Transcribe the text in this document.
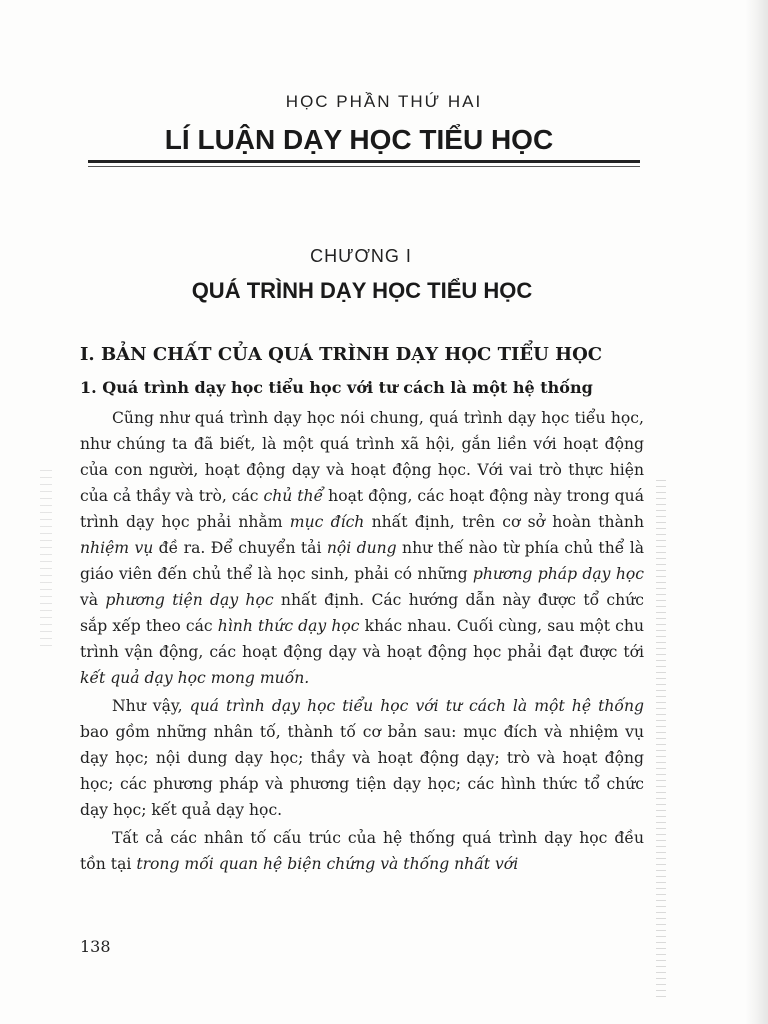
HỌC PHẦN THỨ HAI
LÍ LUẬN DẠY HỌC TIỂU HỌC
CHƯƠNG I
QUÁ TRÌNH DẠY HỌC TIỂU HỌC
I. BẢN CHẤT CỦA QUÁ TRÌNH DẠY HỌC TIỂU HỌC
1. Quá trình dạy học tiểu học với tư cách là một hệ thống

Cũng như quá trình dạy học nói chung, quá trình dạy học tiểu học, như chúng ta đã biết, là một quá trình xã hội, gắn liền với hoạt động của con người, hoạt động dạy và hoạt động học. Với vai trò thực hiện của cả thầy và trò, các chủ thể hoạt động, các hoạt động này trong quá trình dạy học phải nhằm mục đích nhất định, trên cơ sở hoàn thành nhiệm vụ đề ra. Để chuyển tải nội dung như thế nào từ phía chủ thể là giáo viên đến chủ thể là học sinh, phải có những phương pháp dạy học và phương tiện dạy học nhất định. Các hướng dẫn này được tổ chức sắp xếp theo các hình thức dạy học khác nhau. Cuối cùng, sau một chu trình vận động, các hoạt động dạy và hoạt động học phải đạt được tới kết quả dạy học mong muốn.

Như vậy, quá trình dạy học tiểu học với tư cách là một hệ thống bao gồm những nhân tố, thành tố cơ bản sau: mục đích và nhiệm vụ dạy học; nội dung dạy học; thầy và hoạt động dạy; trò và hoạt động học; các phương pháp và phương tiện dạy học; các hình thức tổ chức dạy học; kết quả dạy học.

Tất cả các nhân tố cấu trúc của hệ thống quá trình dạy học đều tồn tại trong mối quan hệ biện chứng và thống nhất với

138
